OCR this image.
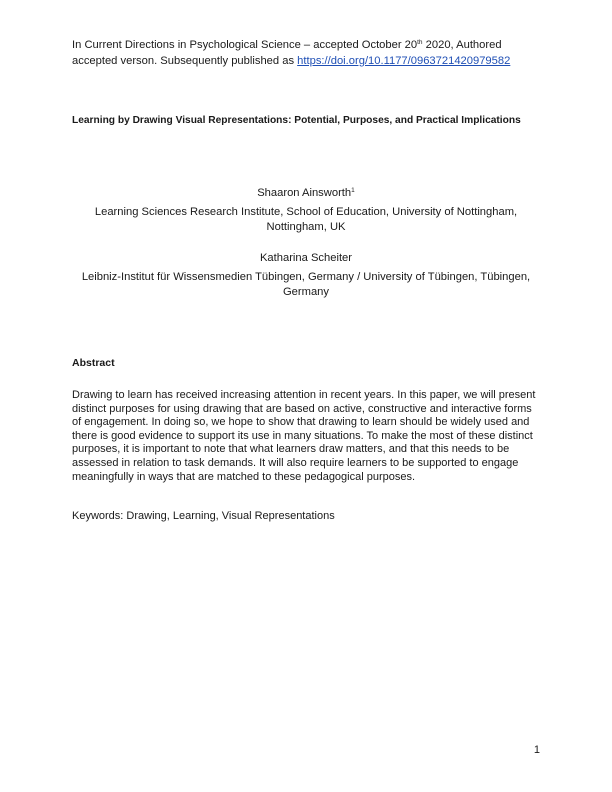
In Current Directions in Psychological Science – accepted October 20th 2020, Authored
accepted verson. Subsequently published as https://doi.org/10.1177/0963721420979582
Learning by Drawing Visual Representations: Potential, Purposes, and Practical Implications
Shaaron Ainsworth$^1$
Learning Sciences Research Institute, School of Education, University of Nottingham, Nottingham, UK
Katharina Scheiter
Leibniz-Institut für Wissensmedien Tübingen, Germany / University of Tübingen, Tübingen, Germany
Abstract
Drawing to learn has received increasing attention in recent years. In this paper, we will present distinct purposes for using drawing that are based on active, constructive and interactive forms of engagement. In doing so, we hope to show that drawing to learn should be widely used and there is good evidence to support its use in many situations. To make the most of these distinct purposes, it is important to note that what learners draw matters, and that this needs to be assessed in relation to task demands. It will also require learners to be supported to engage meaningfully in ways that are matched to these pedagogical purposes.
Keywords: Drawing, Learning, Visual Representations
1
